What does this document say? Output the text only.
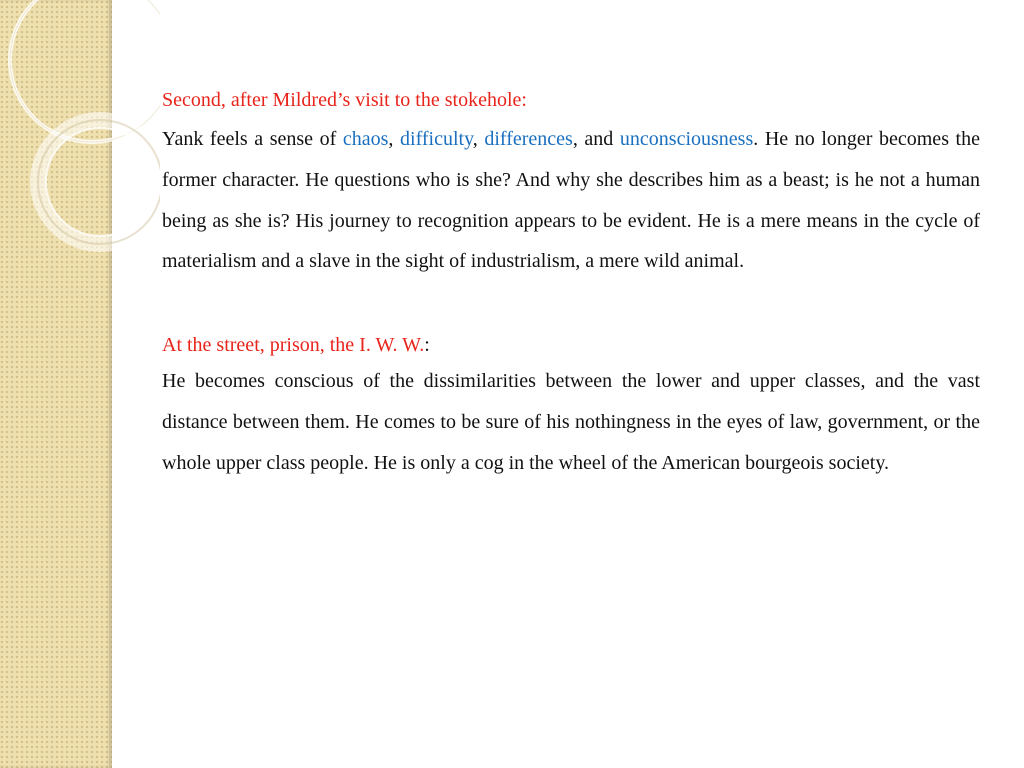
Second, after Mildred’s visit to the stokehole:

Yank feels a sense of chaos, difficulty, differences, and unconsciousness. He no longer becomes the former character. He questions who is she? And why she describes him as a beast; is he not a human being as she is? His journey to recognition appears to be evident. He is a mere means in the cycle of materialism and a slave in the sight of industrialism, a mere wild animal.

At the street, prison, the I. W. W.:

He becomes conscious of the dissimilarities between the lower and upper classes, and the vast distance between them. He comes to be sure of his nothingness in the eyes of law, government, or the whole upper class people. He is only a cog in the wheel of the American bourgeois society.
